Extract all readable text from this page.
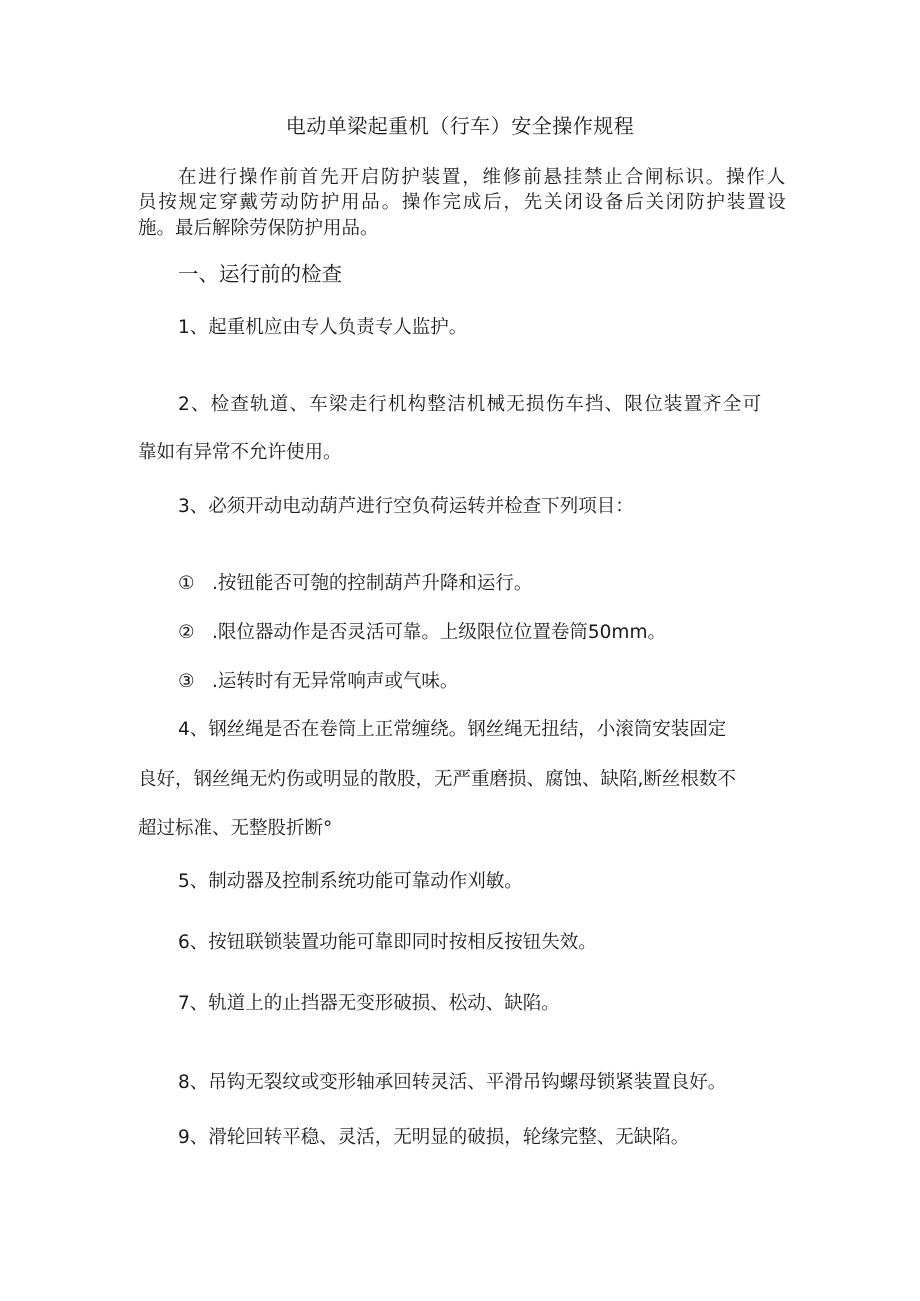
电动单梁起重机（行车）安全操作规程
在进行操作前首先开启防护装置，维修前悬挂禁止合闸标识。操作人
员按规定穿戴劳动防护用品。操作完成后，先关闭设备后关闭防护装置设
施。最后解除劳保防护用品。
一、运行前的检查
1、起重机应由专人负责专人监护。
2、检查轨道、车梁走行机构整洁机械无损伤车挡、限位装置齐全可
靠如有异常不允许使用。
3、必须开动电动葫芦进行空负荷运转并检查下列项目：
① .按钮能否可匏的控制葫芦升降和运行。
② .限位器动作是否灵活可靠。上级限位位置卷筒50mm。
③ .运转时有无异常响声或气味。
4、钢丝绳是否在卷筒上正常缠绕。钢丝绳无扭结，小滚筒安装固定
良好，钢丝绳无灼伤或明显的散股，无严重磨损、腐蚀、缺陷,断丝根数不
超过标准、无整股折断°
5、制动器及控制系统功能可靠动作刈敏。
6、按钮联锁装置功能可靠即同时按相反按钮失效。
7、轨道上的止挡器无变形破损、松动、缺陷。
8、吊钩无裂纹或变形轴承回转灵活、平滑吊钩螺母锁紧装置良好。
9、滑轮回转平稳、灵活，无明显的破损，轮缘完整、无缺陷。
